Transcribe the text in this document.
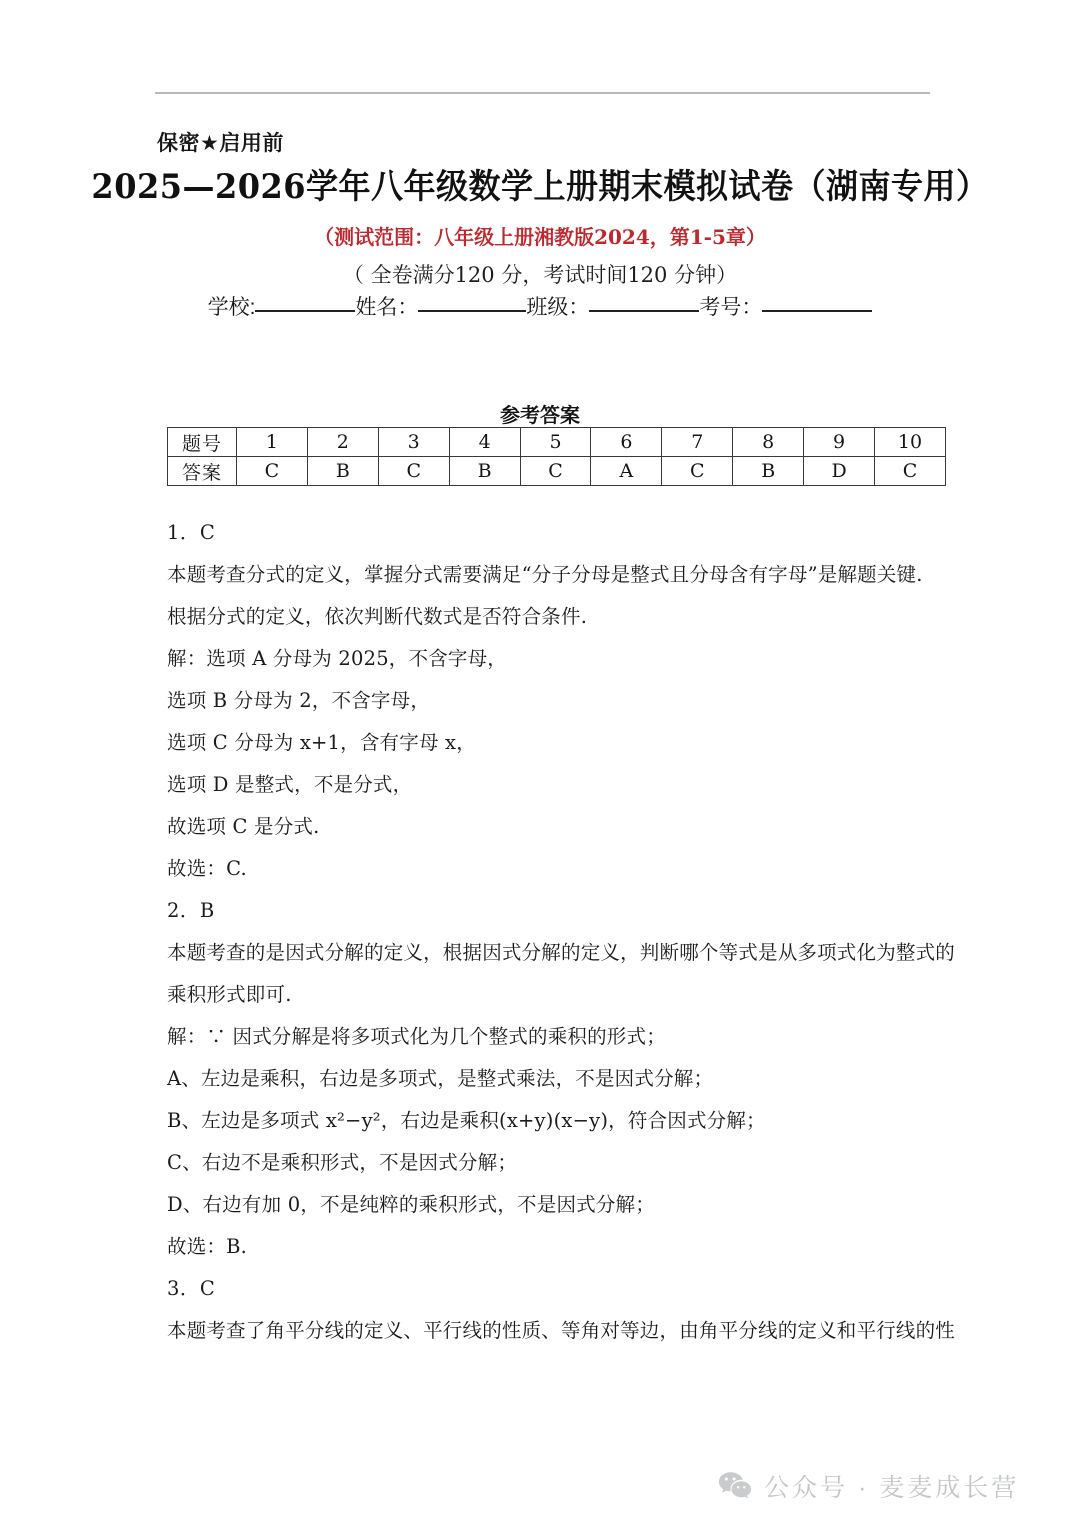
保密★启用前
2025—2026学年八年级数学上册期末模拟试卷（湖南专用）
（测试范围：八年级上册湘教版2024，第1-5章）
（ 全卷满分120 分，考试时间120 分钟）
学校:	姓名：	班级：	考号：
参考答案
题号	1	2	3	4	5	6	7	8	9	10
答案	C	B	C	B	C	A	C	B	D	C
1．C
本题考查分式的定义，掌握分式需要满足“分子分母是整式且分母含有字母”是解题关键.
根据分式的定义，依次判断代数式是否符合条件.
解：选项 A 分母为 2025，不含字母，
选项 B 分母为 2，不含字母，
选项 C 分母为 x+1，含有字母 x，
选项 D 是整式，不是分式，
故选项 C 是分式.
故选：C.
2．B
本题考查的是因式分解的定义，根据因式分解的定义，判断哪个等式是从多项式化为整式的
乘积形式即可.
解：∵ 因式分解是将多项式化为几个整式的乘积的形式；
A、左边是乘积，右边是多项式，是整式乘法，不是因式分解；
B、左边是多项式 x²−y²，右边是乘积(x+y)(x−y)，符合因式分解；
C、右边不是乘积形式，不是因式分解；
D、右边有加 0，不是纯粹的乘积形式，不是因式分解；
故选：B.
3．C
本题考查了角平分线的定义、平行线的性质、等角对等边，由角平分线的定义和平行线的性
公众号 · 麦麦成长营
